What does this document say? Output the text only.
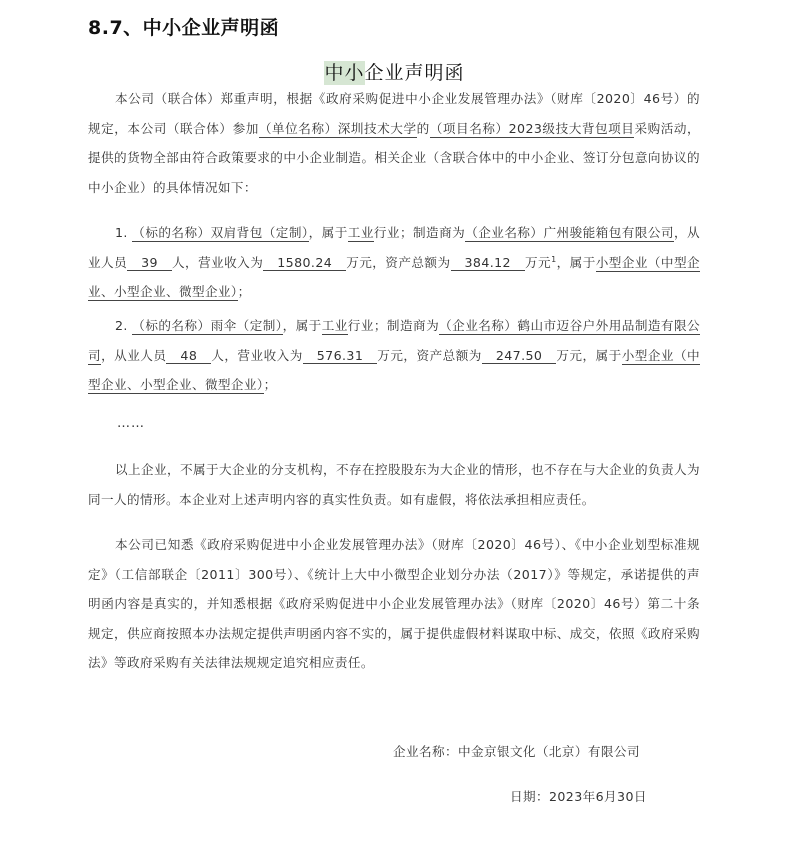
8.7、中小企业声明函
中小企业声明函

本公司（联合体）郑重声明，根据《政府采购促进中小企业发展管理办法》（财库〔2020〕46号）的规定，本公司（联合体）参加（单位名称）深圳技术大学的（项目名称）2023级技大背包项目采购活动，提供的货物全部由符合政策要求的中小企业制造。相关企业（含联合体中的中小企业、签订分包意向协议的中小企业）的具体情况如下：

1. （标的名称）双肩背包（定制），属于工业行业；制造商为（企业名称）广州骏能箱包有限公司，从业人员 39 人，营业收入为 1580.24 万元，资产总额为 384.12 万元$^1$，属于小型企业（中型企业、小型企业、微型企业）；

2. （标的名称）雨伞（定制），属于工业行业；制造商为（企业名称）鹤山市迈谷户外用品制造有限公司，从业人员 48 人，营业收入为 576.31 万元，资产总额为 247.50 万元，属于小型企业（中型企业、小型企业、微型企业）；

……

以上企业，不属于大企业的分支机构，不存在控股股东为大企业的情形，也不存在与大企业的负责人为同一人的情形。本企业对上述声明内容的真实性负责。如有虚假，将依法承担相应责任。

本公司已知悉《政府采购促进中小企业发展管理办法》（财库〔2020〕46号）、《中小企业划型标准规定》（工信部联企〔2011〕300号）、《统计上大中小微型企业划分办法（2017）》等规定，承诺提供的声明函内容是真实的，并知悉根据《政府采购促进中小企业发展管理办法》（财库〔2020〕46号）第二十条规定，供应商按照本办法规定提供声明函内容不实的，属于提供虚假材料谋取中标、成交，依照《政府采购法》等政府采购有关法律法规规定追究相应责任。

企业名称：中金京银文化（北京）有限公司
日期：2023年6月30日
